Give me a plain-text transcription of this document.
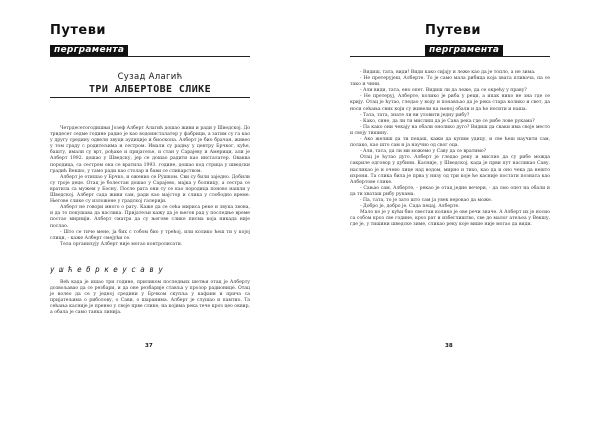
Путеви
перграмента
Сузад Алагић
ТРИ АЛБЕРТОВЕ СЛИКЕ

Четрдесетогодишњи Јозеф Алберт Алагић дошао живи и ради у Шведској. До тридесет седме године радио је као водоинсталатер у фабрици, а затим су га као у другу средину одвели звуци аудиције и биоскопа. Алберт је био брачан, живео у том граду с родитељима и сестром. Имали су радњу у центру Брчког, куће, башту, имали су врт, рођаке и пријатеље, и стан у Сарајеву и Америци, али је Алберт 1992. дошао у Шведску, јер се дошао радити као инсталатер. Оваква породица, са сестром она се вратила 1993. године, дошао код стрица у шведски градић Векшо, у тамо ради као столар и бави се сликарством.

Алберт је отишао у Брчко, и оженио се Рушком. Сви су били заједно. Добили су троје деце. Отац је болестан дошао у Сарајево, мајка у болницу, а сестра се вратила са мужем у Босну. После рата они су се као породица поново нашли у Шведској. Алберт сада живи сам, ради као мајстор и слика у слободно време. Његове слике су изложене у градској галерији.

Алберт не говори много о рату. Каже да се сећа мириса реке и звука звона, и да то покушава да наслика. Пријатељи кажу да је његов рад у последње време постао мирнији. Алберт сматра да су његове слике писма која никада није послао.

- Што се тиче мене, ја бих с тобом био у трећој, или колико ћеш ти у којој слици, - каже Алберт смејући се.

Тела организују Алберт није могао контролисати.

у ш ћ е б р к е у с а в у

Већ када је ишао три године, приликом последњих шетњи отац је Алберту дозвољавао да се резбари, и да оне резбарије ставља у прозор радионице. Отац је волео да се у једној средини у Брчком скупља у кафани и прича са пријатељима о риболову, о Сави, о шаранима. Алберт је слушао и памтио. Та сећања касније је пренео у своје прве слике, на којима река тече кроз цео оквир, а обала је само танка линија.

37
Путеви
перграмента

- Видиш, тата, види! Види како сијају и леже као да је топло, а не зима.

- Не претерујеш, Алберте. То је само мала рибица која хвата пливача, па се тако и чини.

- Али види, тата, ено опет. Видиш ли да леже, да се окрећу у праву?

- Не претеруј, Алберте, колико је риба у реци, а ипак нико не зна где се крију. Отац је ћутао, гледао у воду и понављао да је река стара колико и свет, да носи сећања свих који су живели на њеној обали и да ће носити и наша.

- Тата, тата, знате ли ви уловити једну рибу?

- Како, сине, да ли ти мислиш да је Сава река где се рибе лове рукама?

- Па како они чекају на обали онолико дуго? Видиш да сваки има своје место и своју тишину.

- Ако желиш да ти пецаш, кажи да купим удицу, и све ћеш научити сам, полако, као што сам и ја научио од свог оца.

- Али, тата, да ли ми можемо у Саву да се вратимо?

Отац је ћутао дуго. Алберт је гледао реку и мислио да су рибе можда сакриле одговор у дубини. Касније, у Шведској, када је први пут насликао Саву, насликао је и очево лице над водом, мирно и тихо, као да и оно чека да нешто изрони. Та слика била је прва у низу од три које ће касније постати позната као Албертове слике.

- Сањао сам, Алберте, - рекао је отац једне вечери, - да смо опет на обали и да ти хваташ рибу рукама.

- Па, тата, то је зато што сам ја увек веровао да може.

- Добро је, добро је. Сада пецај, Алберте.

Мало ко је у кући био свестан колико је ове речи значе. А Алберт их је носио са собом кроз све године, кроз рат и избеглиштво, све до малог атељеа у Векшу, где је, у тишини шведске зиме, сликао реку које више није могао да види.

38
